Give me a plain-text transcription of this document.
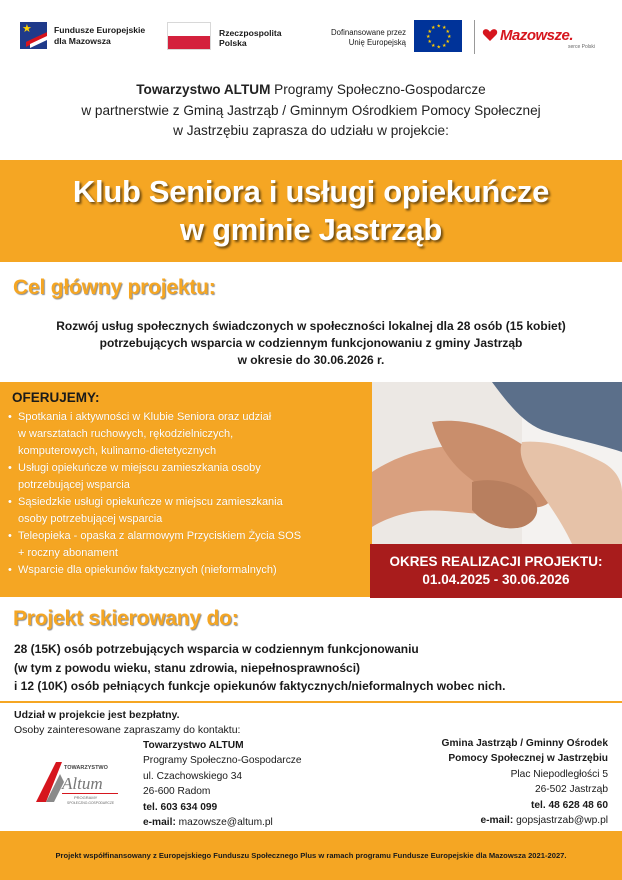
★	Fundusze Europejskie
dla Mazowsza
Rzeczpospolita
Polska
Dofinansowane przez
Unię Europejską
★ ★
★
★
★
★
★
★
★
★
★
★	Mazowsze.
serce Polski
Towarzystwo ALTUM Programy Społeczno-Gospodarcze
w partnerstwie z Gminą Jastrząb / Gminnym Ośrodkiem Pomocy Społecznej
w Jastrzębiu zaprasza do udziału w projekcie:
Klub Seniora i usługi opiekuńcze
w gminie Jastrząb
Cel główny projektu:
Rozwój usług społecznych świadczonych w społeczności lokalnej dla 28 osób (15 kobiet)
potrzebujących wsparcia w codziennym funkcjonowaniu z gminy Jastrząb
w okresie do 30.06.2026 r.
OFERUJEMY:
• Spotkania i aktywności w Klubie Seniora oraz udział
w warsztatach ruchowych, rękodzielniczych,
komputerowych, kulinarno-dietetycznych
• Usługi opiekuńcze w miejscu zamieszkania osoby
potrzebującej wsparcia
• Sąsiedzkie usługi opiekuńcze w miejscu zamieszkania
osoby potrzebującej wsparcia
• Teleopieka - opaska z alarmowym Przyciskiem Życia SOS
+ roczny abonament
• Wsparcie dla opiekunów faktycznych (nieformalnych)
OKRES REALIZACJI PROJEKTU:
01.04.2025 - 30.06.2026
Projekt skierowany do:
28 (15K) osób potrzebujących wsparcia w codziennym funkcjonowaniu
(w tym z powodu wieku, stanu zdrowia, niepełnosprawności)
i 12 (10K) osób pełniących funkcje opiekunów faktycznych/nieformalnych wobec nich.
Udział w projekcie jest bezpłatny.
Osoby zainteresowane zapraszamy do kontaktu:
TOWARZYSTWO
Altum
PROGRAMY
SPOŁECZNO-GOSPODARCZE
Towarzystwo ALTUM
Programy Społeczno-Gospodarcze
ul. Czachowskiego 34
26-600 Radom
tel. 603 634 099
e-mail: mazowsze@altum.pl
Gmina Jastrząb / Gminny Ośrodek
Pomocy Społecznej w Jastrzębiu
Plac Niepodległości 5
26-502 Jastrząb
tel. 48 628 48 60
e-mail: gopsjastrzab@wp.pl
Projekt współfinansowany z Europejskiego Funduszu Społecznego Plus w ramach programu Fundusze Europejskie dla Mazowsza 2021-2027.
